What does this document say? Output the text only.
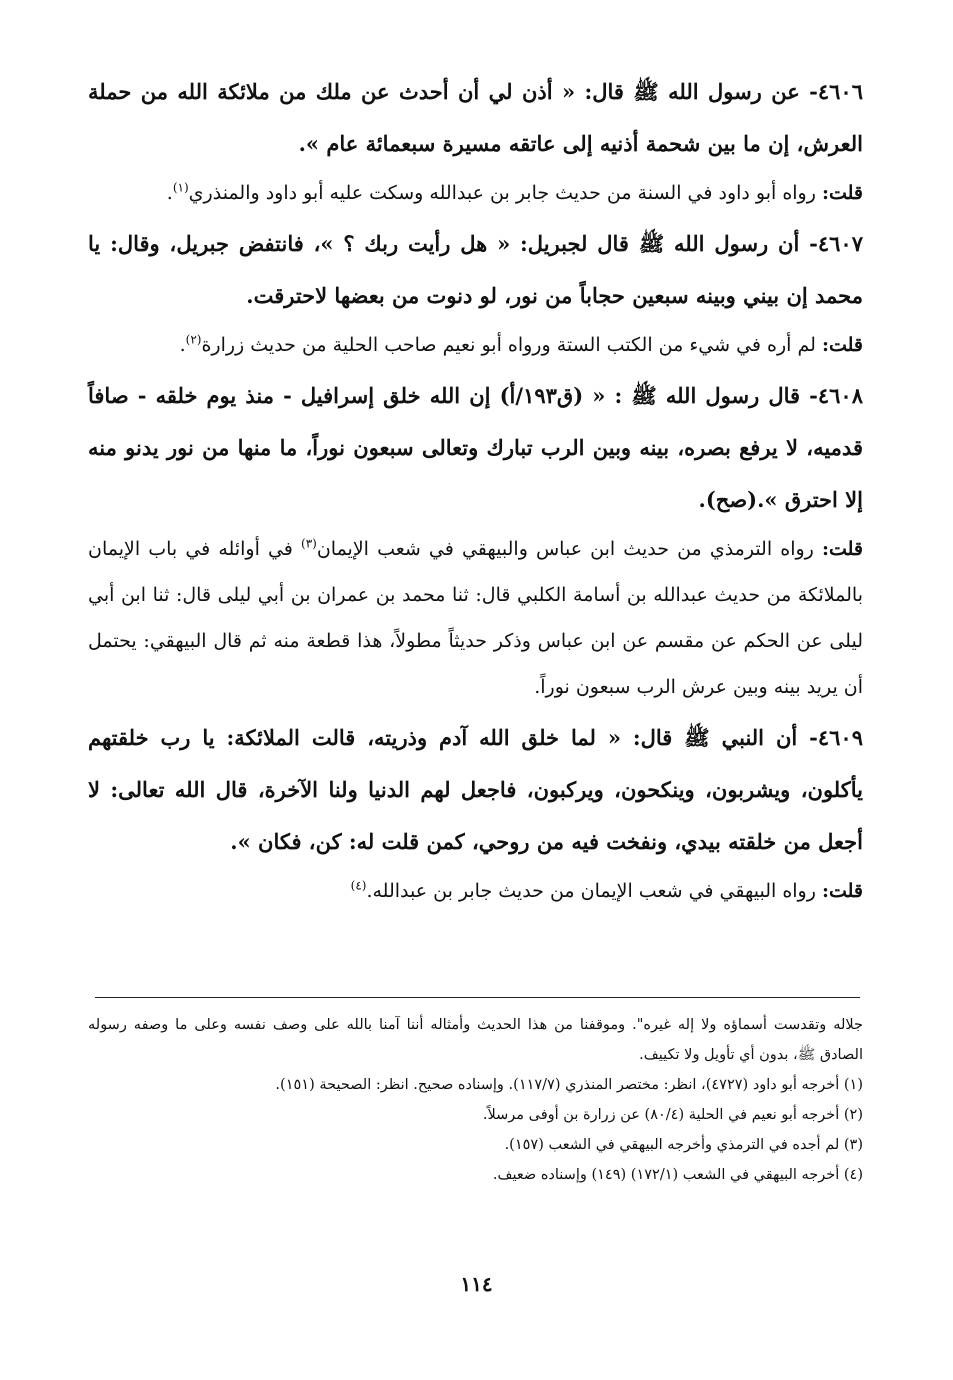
٤٦٠٦- عن رسول الله ﷺ قال: « أذن لي أن أحدث عن ملك من ملائكة الله من حملة العرش، إن ما بين شحمة أذنيه إلى عاتقه مسيرة سبعمائة عام ».

قلت: رواه أبو داود في السنة من حديث جابر بن عبدالله وسكت عليه أبو داود والمنذري$^{(١)}$.

٤٦٠٧- أن رسول الله ﷺ قال لجبريل: « هل رأيت ربك ؟ »، فانتفض جبريل، وقال: يا محمد إن بيني وبينه سبعين حجاباً من نور، لو دنوت من بعضها لاحترقت.

قلت: لم أره في شيء من الكتب الستة ورواه أبو نعيم صاحب الحلية من حديث زرارة$^{(٢)}$.

٤٦٠٨- قال رسول الله ﷺ : « (ق١٩٣/أ) إن الله خلق إسرافيل - منذ يوم خلقه - صافاً قدميه، لا يرفع بصره، بينه وبين الرب تبارك وتعالى سبعون نوراً، ما منها من نور يدنو منه إلا احترق ».(صح).

قلت: رواه الترمذي من حديث ابن عباس والبيهقي في شعب الإيمان$^{(٣)}$ في أوائله في باب الإيمان بالملائكة من حديث عبدالله بن أسامة الكلبي قال: ثنا محمد بن عمران بن أبي ليلى قال: ثنا ابن أبي ليلى عن الحكم عن مقسم عن ابن عباس وذكر حديثاً مطولاً، هذا قطعة منه ثم قال البيهقي: يحتمل أن يريد بينه وبين عرش الرب سبعون نوراً.

٤٦٠٩- أن النبي ﷺ قال: « لما خلق الله آدم وذريته، قالت الملائكة: يا رب خلقتهم يأكلون، ويشربون، وينكحون، ويركبون، فاجعل لهم الدنيا ولنا الآخرة، قال الله تعالى: لا أجعل من خلقته بيدي، ونفخت فيه من روحي، كمن قلت له: كن، فكان ».

قلت: رواه البيهقي في شعب الإيمان من حديث جابر بن عبدالله.$^{(٤)}$

جلاله وتقدست أسماؤه ولا إله غيره". وموقفنا من هذا الحديث وأمثاله أننا آمنا بالله على وصف نفسه وعلى ما وصفه رسوله الصادق ﷺ، بدون أي تأويل ولا تكييف.

(١) أخرجه أبو داود (٤٧٢٧)، انظر: مختصر المنذري (١١٧/٧). وإسناده صحيح. انظر: الصحيحة (١٥١).

(٢) أخرجه أبو نعيم في الحلية (٨٠/٤) عن زرارة بن أوفى مرسلاً.

(٣) لم أجده في الترمذي وأخرجه البيهقي في الشعب (١٥٧).

(٤) أخرجه البيهقي في الشعب (١٧٢/١) (١٤٩) وإسناده ضعيف.

١١٤
